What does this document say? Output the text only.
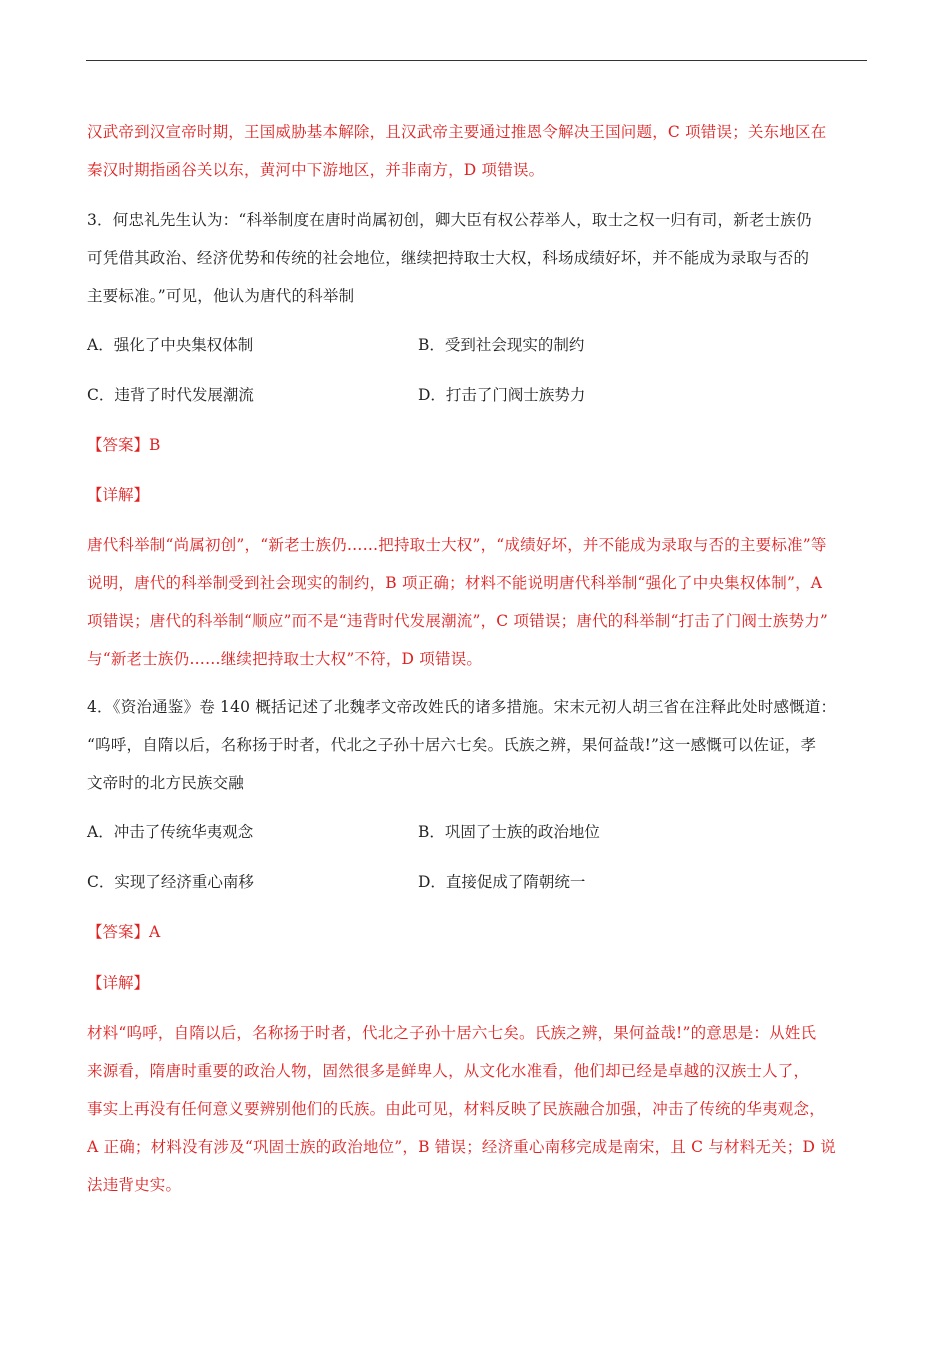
汉武帝到汉宣帝时期，王国威胁基本解除，且汉武帝主要通过推恩令解决王国问题，C 项错误；关东地区在
秦汉时期指函谷关以东，黄河中下游地区，并非南方，D 项错误。
3．何忠礼先生认为：“科举制度在唐时尚属初创，卿大臣有权公荐举人，取士之权一归有司，新老士族仍
可凭借其政治、经济优势和传统的社会地位，继续把持取士大权，科场成绩好坏，并不能成为录取与否的
主要标准。”可见，他认为唐代的科举制
A．强化了中央集权体制	B．受到社会现实的制约
C．违背了时代发展潮流	D．打击了门阀士族势力
【答案】B
【详解】
唐代科举制“尚属初创”，“新老士族仍……把持取士大权”，“成绩好坏，并不能成为录取与否的主要标准”等
说明，唐代的科举制受到社会现实的制约，B 项正确；材料不能说明唐代科举制“强化了中央集权体制”，A
项错误；唐代的科举制“顺应”而不是“违背时代发展潮流”，C 项错误；唐代的科举制“打击了门阀士族势力”
与“新老士族仍……继续把持取士大权”不符，D 项错误。
4．《资治通鉴》卷 140 概括记述了北魏孝文帝改姓氏的诸多措施。宋末元初人胡三省在注释此处时感慨道：
“呜呼，自隋以后，名称扬于时者，代北之子孙十居六七矣。氏族之辨，果何益哉!”这一感慨可以佐证，孝
文帝时的北方民族交融
A．冲击了传统华夷观念	B．巩固了士族的政治地位
C．实现了经济重心南移	D．直接促成了隋朝统一
【答案】A
【详解】
材料“呜呼，自隋以后，名称扬于时者，代北之子孙十居六七矣。氏族之辨，果何益哉!”的意思是：从姓氏
来源看，隋唐时重要的政治人物，固然很多是鲜卑人，从文化水准看，他们却已经是卓越的汉族士人了，
事实上再没有任何意义要辨别他们的氏族。由此可见，材料反映了民族融合加强，冲击了传统的华夷观念，
A 正确；材料没有涉及“巩固士族的政治地位”，B 错误；经济重心南移完成是南宋，且 C 与材料无关；D 说
法违背史实。
